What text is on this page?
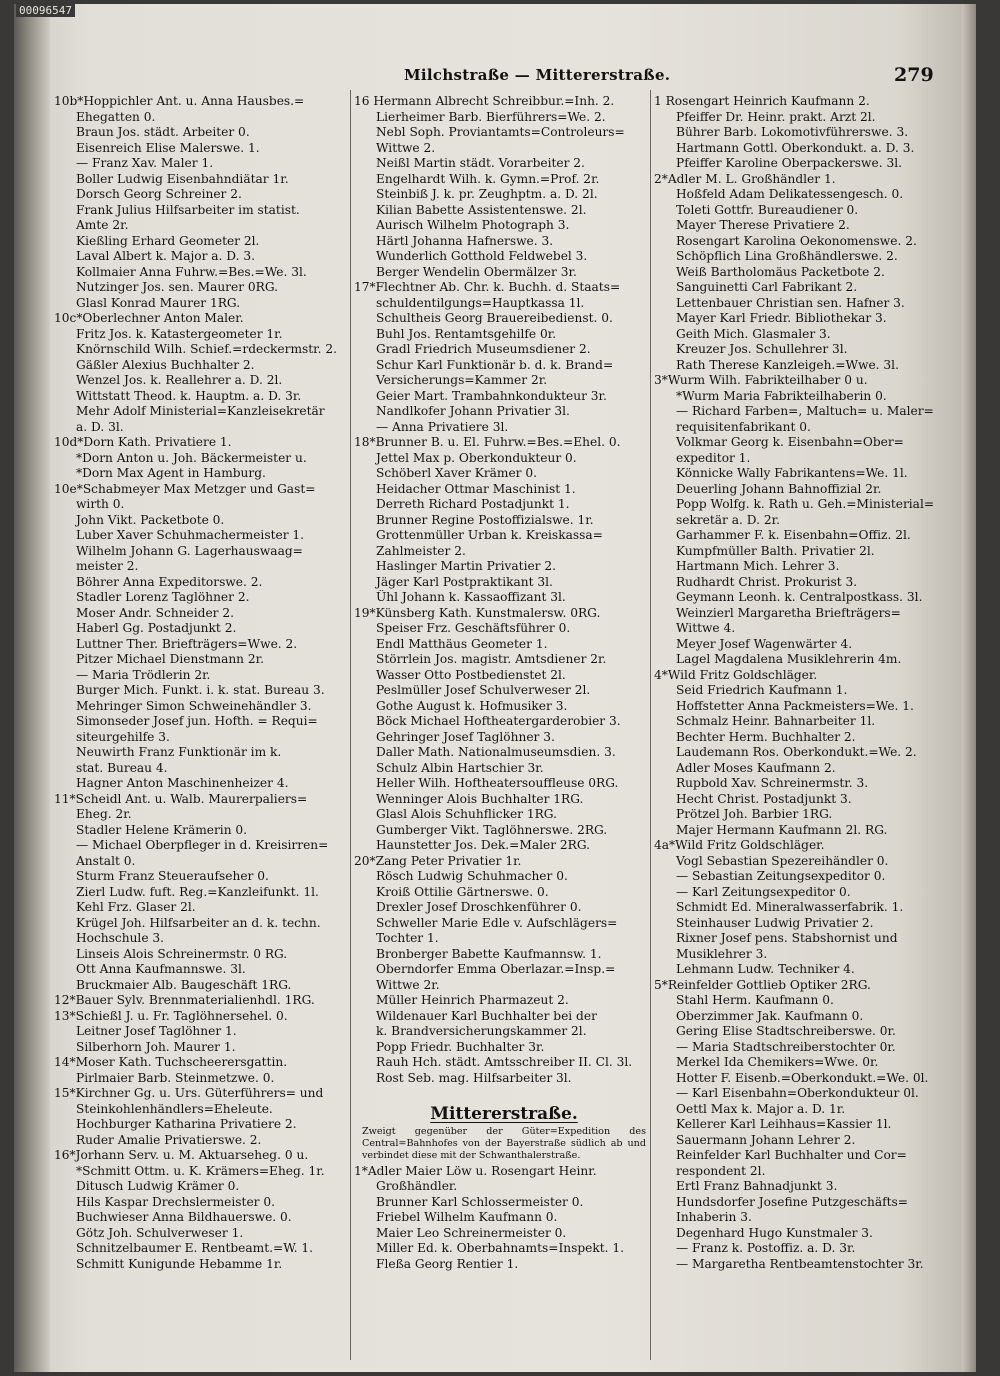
00096547
Milchstraße — Mittererstraße.	279
10b*Hoppichler Ant. u. Anna Hausbes.=
Ehegatten 0.
Braun Jos. städt. Arbeiter 0.
Eisenreich Elise Malerswe. 1.
— Franz Xav. Maler 1.
Boller Ludwig Eisenbahndiätar 1r.
Dorsch Georg Schreiner 2.
Frank Julius Hilfsarbeiter im statist.
Amte 2r.
Kießling Erhard Geometer 2l.
Laval Albert k. Major a. D. 3.
Kollmaier Anna Fuhrw.=Bes.=We. 3l.
Nutzinger Jos. sen. Maurer 0RG.
Glasl Konrad Maurer 1RG.
10c*Oberlechner Anton Maler.
Fritz Jos. k. Katastergeometer 1r.
Knörnschild Wilh. Schief.=rdeckermstr. 2.
Gäßler Alexius Buchhalter 2.
Wenzel Jos. k. Reallehrer a. D. 2l.
Wittstatt Theod. k. Hauptm. a. D. 3r.
Mehr Adolf Ministerial=Kanzleisekretär
a. D. 3l.
10d*Dorn Kath. Privatiere 1.
*Dorn Anton u. Joh. Bäckermeister u.
*Dorn Max Agent in Hamburg.
10e*Schabmeyer Max Metzger und Gast=
wirth 0.
John Vikt. Packetbote 0.
Luber Xaver Schuhmachermeister 1.
Wilhelm Johann G. Lagerhauswaag=
meister 2.
Böhrer Anna Expeditorswe. 2.
Stadler Lorenz Taglöhner 2.
Moser Andr. Schneider 2.
Haberl Gg. Postadjunkt 2.
Luttner Ther. Briefträgers=Wwe. 2.
Pitzer Michael Dienstmann 2r.
— Maria Trödlerin 2r.
Burger Mich. Funkt. i. k. stat. Bureau 3.
Mehringer Simon Schweinehändler 3.
Simonseder Josef jun. Hofth. = Requi=
siteurgehilfe 3.
Neuwirth Franz Funktionär im k.
stat. Bureau 4.
Hagner Anton Maschinenheizer 4.
11*Scheidl Ant. u. Walb. Maurerpaliers=
Eheg. 2r.
Stadler Helene Krämerin 0.
— Michael Oberpfleger in d. Kreisirren=
Anstalt 0.
Sturm Franz Steueraufseher 0.
Zierl Ludw. fuft. Reg.=Kanzleifunkt. 1l.
Kehl Frz. Glaser 2l.
Krügel Joh. Hilfsarbeiter an d. k. techn.
Hochschule 3.
Linseis Alois Schreinermstr. 0 RG.
Ott Anna Kaufmannswe. 3l.
Bruckmaier Alb. Baugeschäft 1RG.
12*Bauer Sylv. Brennmaterialienhdl. 1RG.
13*Schießl J. u. Fr. Taglöhnersehel. 0.
Leitner Josef Taglöhner 1.
Silberhorn Joh. Maurer 1.
14*Moser Kath. Tuchscheerersgattin.
Pirlmaier Barb. Steinmetzwe. 0.
15*Kirchner Gg. u. Urs. Güterführers= und
Steinkohlenhändlers=Eheleute.
Hochburger Katharina Privatiere 2.
Ruder Amalie Privatierswe. 2.
16*Jorhann Serv. u. M. Aktuarseheg. 0 u.
*Schmitt Ottm. u. K. Krämers=Eheg. 1r.
Ditusch Ludwig Krämer 0.
Hils Kaspar Drechslermeister 0.
Buchwieser Anna Bildhauerswe. 0.
Götz Joh. Schulverweser 1.
Schnitzelbaumer E. Rentbeamt.=W. 1.
Schmitt Kunigunde Hebamme 1r.
16 Hermann Albrecht Schreibbur.=Inh. 2.
Lierheimer Barb. Bierführers=We. 2.
Nebl Soph. Proviantamts=Controleurs=
Wittwe 2.
Neißl Martin städt. Vorarbeiter 2.
Engelhardt Wilh. k. Gymn.=Prof. 2r.
Steinbiß J. k. pr. Zeughptm. a. D. 2l.
Kilian Babette Assistentenswe. 2l.
Aurisch Wilhelm Photograph 3.
Härtl Johanna Hafnerswe. 3.
Wunderlich Gotthold Feldwebel 3.
Berger Wendelin Obermälzer 3r.
17*Flechtner Ab. Chr. k. Buchh. d. Staats=
schuldentilgungs=Hauptkassa 1l.
Schultheis Georg Brauereibedienst. 0.
Buhl Jos. Rentamtsgehilfe 0r.
Gradl Friedrich Museumsdiener 2.
Schur Karl Funktionär b. d. k. Brand=
Versicherungs=Kammer 2r.
Geier Mart. Trambahnkondukteur 3r.
Nandlkofer Johann Privatier 3l.
— Anna Privatiere 3l.
18*Brunner B. u. El. Fuhrw.=Bes.=Ehel. 0.
Jettel Max p. Oberkondukteur 0.
Schöberl Xaver Krämer 0.
Heidacher Ottmar Maschinist 1.
Derreth Richard Postadjunkt 1.
Brunner Regine Postoffizialswe. 1r.
Grottenmüller Urban k. Kreiskassa=
Zahlmeister 2.
Haslinger Martin Privatier 2.
Jäger Karl Postpraktikant 3l.
Ühl Johann k. Kassaoffizant 3l.
19*Künsberg Kath. Kunstmalersw. 0RG.
Speiser Frz. Geschäftsführer 0.
Endl Matthäus Geometer 1.
Störrlein Jos. magistr. Amtsdiener 2r.
Wasser Otto Postbedienstet 2l.
Peslmüller Josef Schulverweser 2l.
Gothe August k. Hofmusiker 3.
Böck Michael Hoftheatergarderobier 3.
Gehringer Josef Taglöhner 3.
Daller Math. Nationalmuseumsdien. 3.
Schulz Albin Hartschier 3r.
Heller Wilh. Hoftheatersouffleuse 0RG.
Wenninger Alois Buchhalter 1RG.
Glasl Alois Schuhflicker 1RG.
Gumberger Vikt. Taglöhnerswe. 2RG.
Haunstetter Jos. Dek.=Maler 2RG.
20*Zang Peter Privatier 1r.
Rösch Ludwig Schuhmacher 0.
Kroiß Ottilie Gärtnerswe. 0.
Drexler Josef Droschkenführer 0.
Schweller Marie Edle v. Aufschlägers=
Tochter 1.
Bronberger Babette Kaufmannsw. 1.
Oberndorfer Emma Oberlazar.=Insp.=
Wittwe 2r.
Müller Heinrich Pharmazeut 2.
Wildenauer Karl Buchhalter bei der
k. Brandversicherungskammer 2l.
Popp Friedr. Buchhalter 3r.
Rauh Hch. städt. Amtsschreiber II. Cl. 3l.
Rost Seb. mag. Hilfsarbeiter 3l.
Mittererstraße.
Zweigt gegenüber der Güter=Expedition des Central=Bahnhofes von der Bayerstraße südlich ab und verbindet diese mit der Schwanthalerstraße.
1*Adler Maier Löw u. Rosengart Heinr.
Großhändler.
Brunner Karl Schlossermeister 0.
Friebel Wilhelm Kaufmann 0.
Maier Leo Schreinermeister 0.
Miller Ed. k. Oberbahnamts=Inspekt. 1.
Fleßa Georg Rentier 1.
1 Rosengart Heinrich Kaufmann 2.
Pfeiffer Dr. Heinr. prakt. Arzt 2l.
Bührer Barb. Lokomotivführerswe. 3.
Hartmann Gottl. Oberkondukt. a. D. 3.
Pfeiffer Karoline Oberpackerswe. 3l.
2*Adler M. L. Großhändler 1.
Hoßfeld Adam Delikatessengesch. 0.
Toleti Gottfr. Bureaudiener 0.
Mayer Therese Privatiere 2.
Rosengart Karolina Oekonomenswe. 2.
Schöpflich Lina Großhändlerswe. 2.
Weiß Bartholomäus Packetbote 2.
Sanguinetti Carl Fabrikant 2.
Lettenbauer Christian sen. Hafner 3.
Mayer Karl Friedr. Bibliothekar 3.
Geith Mich. Glasmaler 3.
Kreuzer Jos. Schullehrer 3l.
Rath Therese Kanzleigeh.=Wwe. 3l.
3*Wurm Wilh. Fabrikteilhaber 0 u.
*Wurm Maria Fabrikteilhaberin 0.
— Richard Farben=, Maltuch= u. Maler=
requisitenfabrikant 0.
Volkmar Georg k. Eisenbahn=Ober=
expeditor 1.
Könnicke Wally Fabrikantens=We. 1l.
Deuerling Johann Bahnoffizial 2r.
Popp Wolfg. k. Rath u. Geh.=Ministerial=
sekretär a. D. 2r.
Garhammer F. k. Eisenbahn=Offiz. 2l.
Kumpfmüller Balth. Privatier 2l.
Hartmann Mich. Lehrer 3.
Rudhardt Christ. Prokurist 3.
Geymann Leonh. k. Centralpostkass. 3l.
Weinzierl Margaretha Briefträgers=
Wittwe 4.
Meyer Josef Wagenwärter 4.
Lagel Magdalena Musiklehrerin 4m.
4*Wild Fritz Goldschläger.
Seid Friedrich Kaufmann 1.
Hoffstetter Anna Packmeisters=We. 1.
Schmalz Heinr. Bahnarbeiter 1l.
Bechter Herm. Buchhalter 2.
Laudemann Ros. Oberkondukt.=We. 2.
Adler Moses Kaufmann 2.
Rupbold Xav. Schreinermstr. 3.
Hecht Christ. Postadjunkt 3.
Prötzel Joh. Barbier 1RG.
Majer Hermann Kaufmann 2l. RG.
4a*Wild Fritz Goldschläger.
Vogl Sebastian Spezereihändler 0.
— Sebastian Zeitungsexpeditor 0.
— Karl Zeitungsexpeditor 0.
Schmidt Ed. Mineralwasserfabrik. 1.
Steinhauser Ludwig Privatier 2.
Rixner Josef pens. Stabshornist und
Musiklehrer 3.
Lehmann Ludw. Techniker 4.
5*Reinfelder Gottlieb Optiker 2RG.
Stahl Herm. Kaufmann 0.
Oberzimmer Jak. Kaufmann 0.
Gering Elise Stadtschreiberswe. 0r.
— Maria Stadtschreiberstochter 0r.
Merkel Ida Chemikers=Wwe. 0r.
Hotter F. Eisenb.=Oberkondukt.=We. 0l.
— Karl Eisenbahn=Oberkondukteur 0l.
Oettl Max k. Major a. D. 1r.
Kellerer Karl Leihhaus=Kassier 1l.
Sauermann Johann Lehrer 2.
Reinfelder Karl Buchhalter und Cor=
respondent 2l.
Ertl Franz Bahnadjunkt 3.
Hundsdorfer Josefine Putzgeschäfts=
Inhaberin 3.
Degenhard Hugo Kunstmaler 3.
— Franz k. Postoffiz. a. D. 3r.
— Margaretha Rentbeamtenstochter 3r.
